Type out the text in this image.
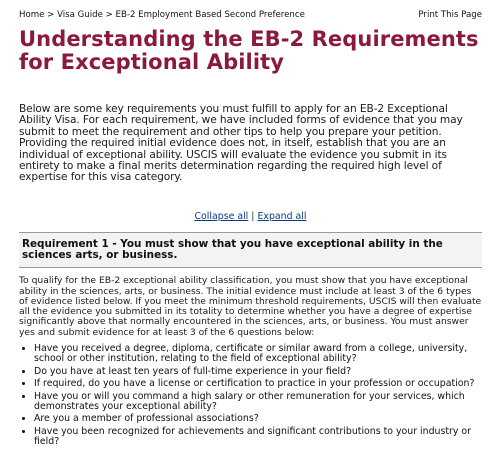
Home > Visa Guide > EB-2 Employment Based Second Preference	Print This Page
Understanding the EB-2 Requirements for Exceptional Ability

Below are some key requirements you must fulfill to apply for an EB-2 Exceptional Ability Visa. For each requirement, we have included forms of evidence that you may submit to meet the requirement and other tips to help you prepare your petition. Providing the required initial evidence does not, in itself, establish that you are an individual of exceptional ability. USCIS will evaluate the evidence you submit in its entirety to make a final merits determination regarding the required high level of expertise for this visa category.

Collapse all | Expand all
Requirement 1 - You must show that you have exceptional ability in the sciences arts, or business.

To qualify for the EB-2 exceptional ability classification, you must show that you have exceptional ability in the sciences, arts, or business. The initial evidence must include at least 3 of the 6 types of evidence listed below. If you meet the minimum threshold requirements, USCIS will then evaluate all the evidence you submitted in its totality to determine whether you have a degree of expertise significantly above that normally encountered in the sciences, arts, or business. You must answer yes and submit evidence for at least 3 of the 6 questions below:

• Have you received a degree, diploma, certificate or similar award from a college, university, school or other institution, relating to the field of exceptional ability?
• Do you have at least ten years of full-time experience in your field?
• If required, do you have a license or certification to practice in your profession or occupation?
• Have you or will you command a high salary or other remuneration for your services, which demonstrates your exceptional ability?
• Are you a member of professional associations?
• Have you been recognized for achievements and significant contributions to your industry or field?
